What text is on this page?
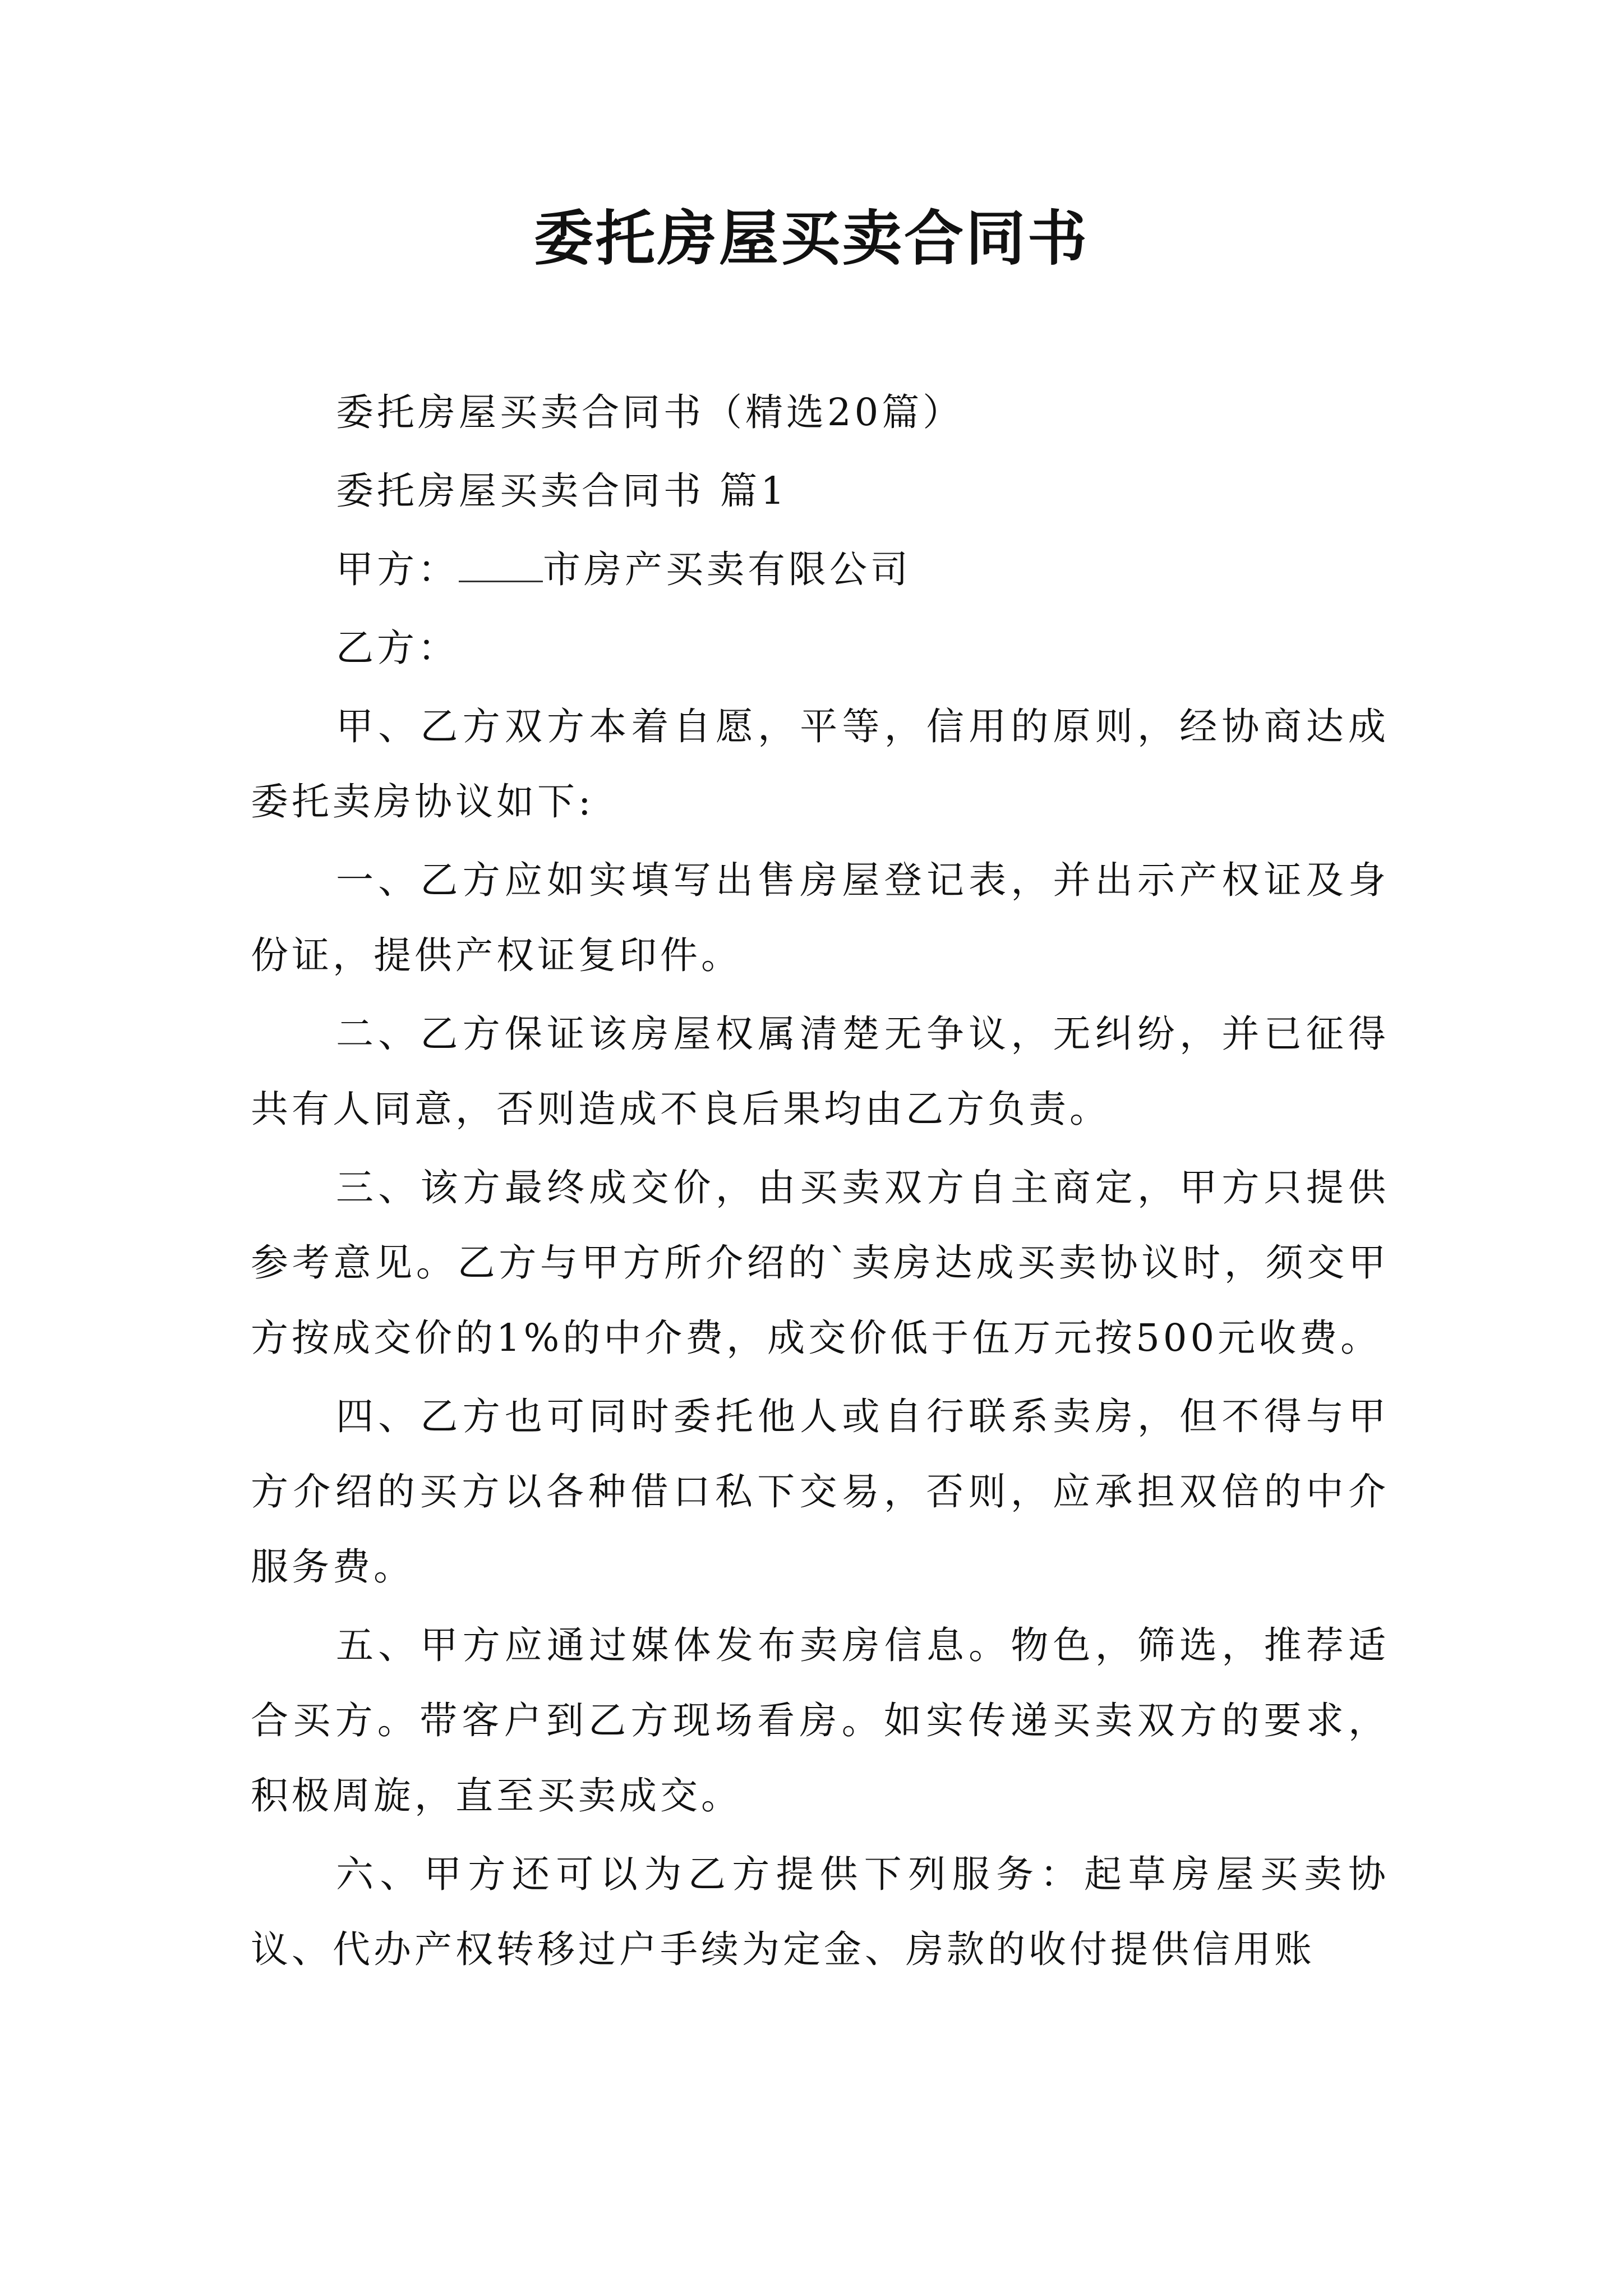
委托房屋买卖合同书

委托房屋买卖合同书（精选20篇）

委托房屋买卖合同书 篇1

甲方： 市房产买卖有限公司

乙方：

甲、乙方双方本着自愿，平等，信用的原则，经协商达成委托卖房协议如下:

一、乙方应如实填写出售房屋登记表，并出示产权证及身份证，提供产权证复印件。

二、乙方保证该房屋权属清楚无争议，无纠纷，并已征得共有人同意，否则造成不良后果均由乙方负责。

三、该方最终成交价，由买卖双方自主商定，甲方只提供参考意见。乙方与甲方所介绍的`卖房达成买卖协议时，须交甲方按成交价的1%的中介费，成交价低于伍万元按500元收费。

四、乙方也可同时委托他人或自行联系卖房，但不得与甲方介绍的买方以各种借口私下交易，否则，应承担双倍的中介服务费。

五、甲方应通过媒体发布卖房信息。物色，筛选，推荐适合买方。带客户到乙方现场看房。如实传递买卖双方的要求，积极周旋，直至买卖成交。

六、甲方还可以为乙方提供下列服务：起草房屋买卖协议、代办产权转移过户手续为定金、房款的收付提供信用账
